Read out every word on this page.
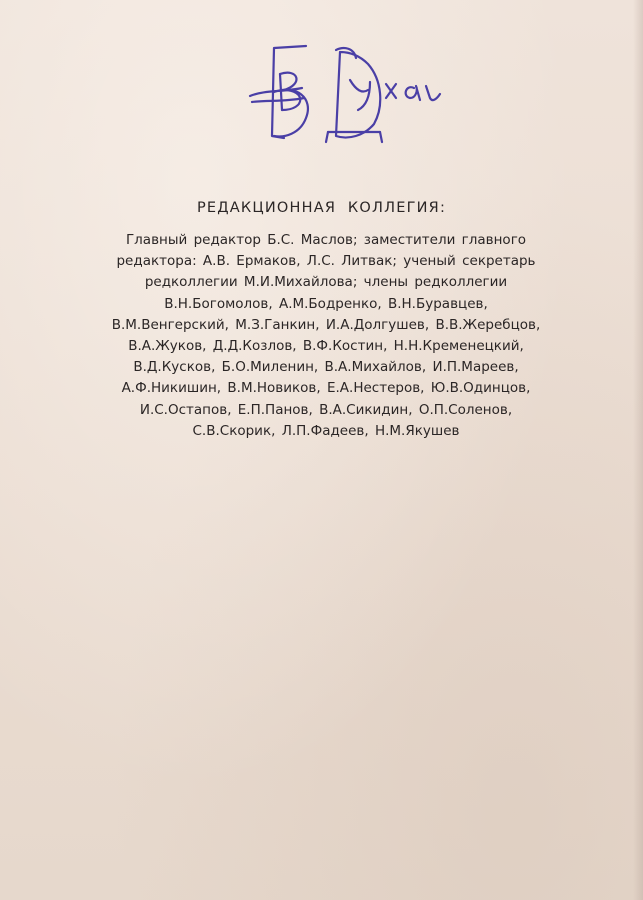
РЕДАКЦИОННАЯ КОЛЛЕГИЯ:
Главный редактор Б.С. Маслов; заместители главного
редактора: А.В. Ермаков, Л.С. Литвак; ученый секретарь
редколлегии М.И.Михайлова; члены редколлегии
В.Н.Богомолов, А.М.Бодренко, В.Н.Буравцев,
В.М.Венгерский, М.З.Ганкин, И.А.Долгушев, В.В.Жеребцов,
В.А.Жуков, Д.Д.Козлов, В.Ф.Костин, Н.Н.Кременецкий,
В.Д.Кусков, Б.О.Миленин, В.А.Михайлов, И.П.Мареев,
А.Ф.Никишин, В.М.Новиков, Е.А.Нестеров, Ю.В.Одинцов,
И.С.Остапов, Е.П.Панов, В.А.Сикидин, О.П.Соленов,
С.В.Скорик, Л.П.Фадеев, Н.М.Якушев
